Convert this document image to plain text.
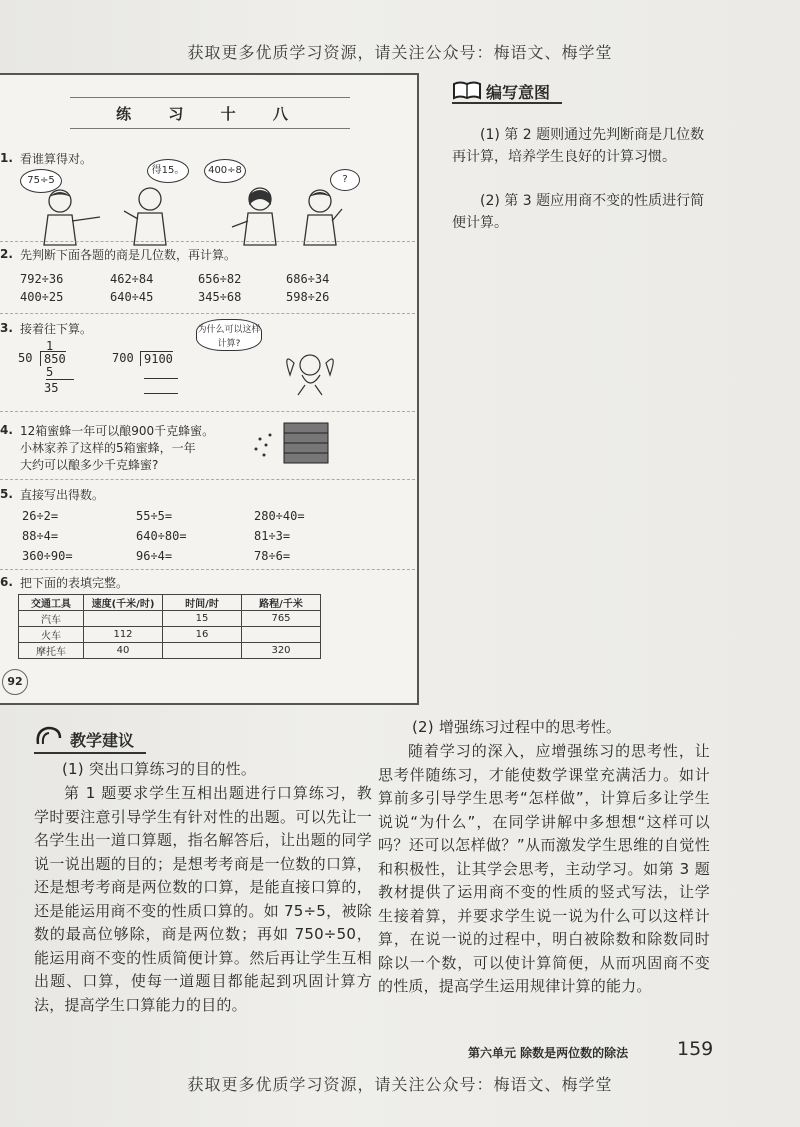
获取更多优质学习资源，请关注公众号：梅语文、梅学堂
练 习 十 八
1. 看谁算得对。
75÷5
得15。	400÷8
?
2. 先判断下面各题的商是几位数，再计算。
792÷36	462÷84	656÷82	686÷34
400÷25	640÷45	345÷68	598÷26
3. 接着往下算。	为什么可以这样计算?
1
50 850
5
35
700 9100
4. 12箱蜜蜂一年可以酿900千克蜂蜜。
小林家养了这样的5箱蜜蜂，一年
大约可以酿多少千克蜂蜜?
5. 直接写出得数。
26÷2=	55÷5=	280÷40=
88÷4=	640÷80=	81÷3=
360÷90=	96÷4=	78÷6=
6. 把下面的表填完整。
交通工具	速度(千米/时)	时间/时	路程/千米
汽车		15	765
火车	112	16	
摩托车	40		320
92
编写意图
(1) 第 2 题则通过先判断商是几位数再计算，培养学生良好的计算习惯。
(2) 第 3 题应用商不变的性质进行简便计算。
教学建议
(1) 突出口算练习的目的性。
第 1 题要求学生互相出题进行口算练习，教学时要注意引导学生有针对性的出题。可以先让一名学生出一道口算题，指名解答后，让出题的同学说一说出题的目的；是想考考商是一位数的口算，还是想考考商是两位数的口算，是能直接口算的，还是能运用商不变的性质口算的。如 75÷5，被除数的最高位够除，商是两位数；再如 750÷50，能运用商不变的性质简便计算。然后再让学生互相出题、口算，使每一道题目都能起到巩固计算方法，提高学生口算能力的目的。
(2) 增强练习过程中的思考性。
随着学习的深入，应增强练习的思考性，让思考伴随练习，才能使数学课堂充满活力。如计算前多引导学生思考“怎样做”，计算后多让学生说说“为什么”，在同学讲解中多想想“这样可以吗？还可以怎样做？”从而激发学生思维的自觉性和积极性，让其学会思考，主动学习。如第 3 题教材提供了运用商不变的性质的竖式写法，让学生接着算，并要求学生说一说为什么可以这样计算，在说一说的过程中，明白被除数和除数同时除以一个数，可以使计算简便，从而巩固商不变的性质，提高学生运用规律计算的能力。
第六单元 除数是两位数的除法	159
获取更多优质学习资源，请关注公众号：梅语文、梅学堂
